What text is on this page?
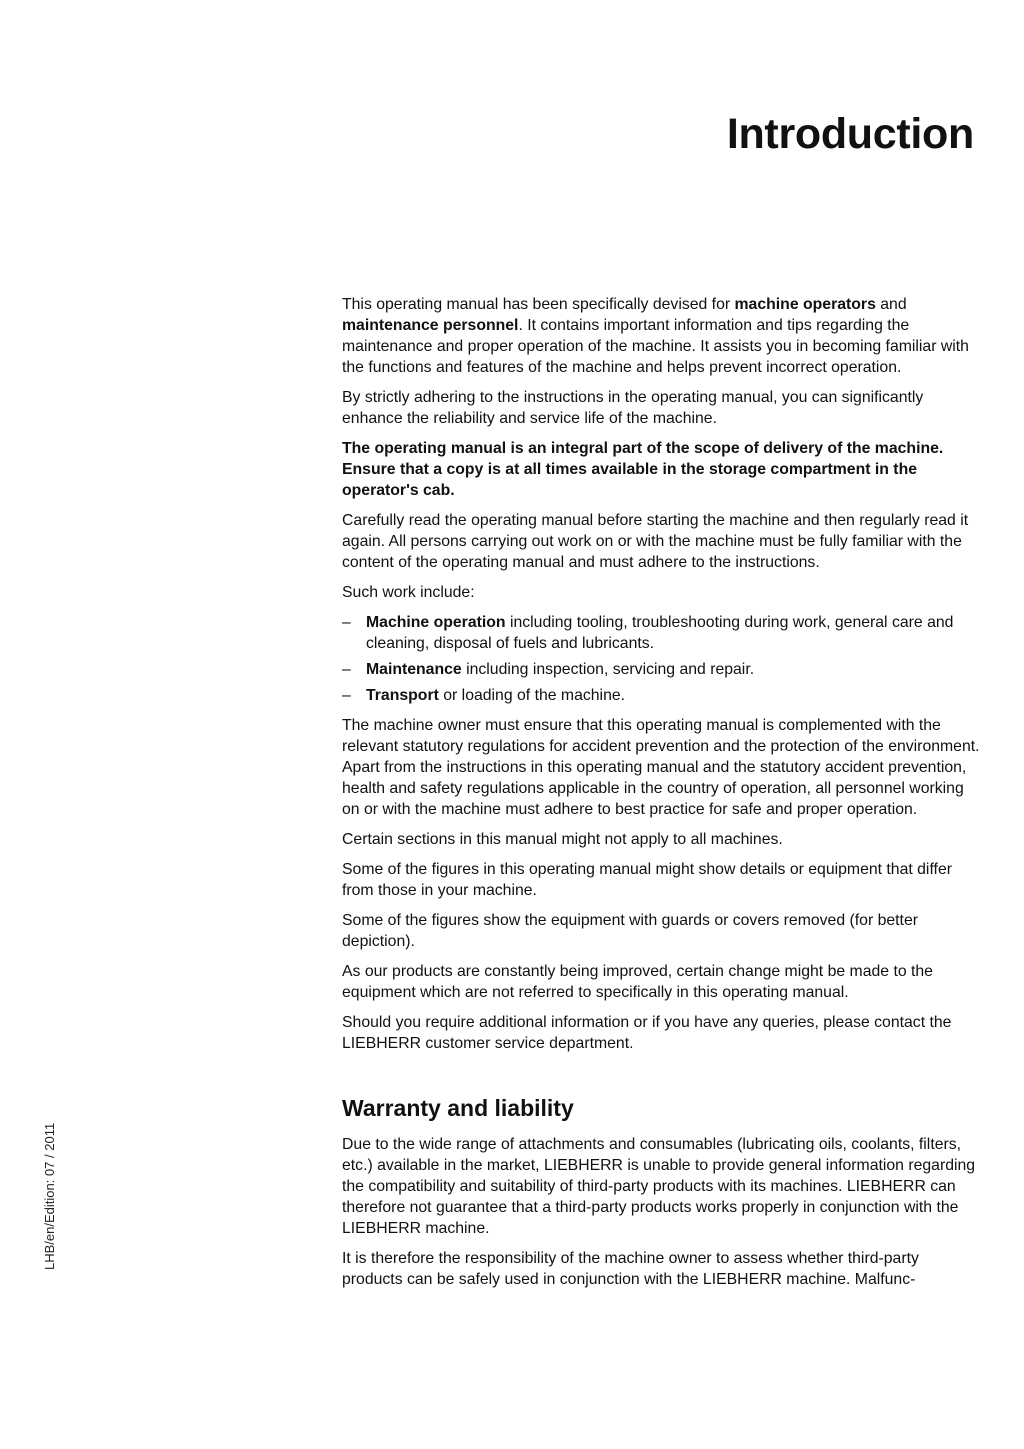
Introduction
LHB/en/Edition: 07 / 2011

This operating manual has been specifically devised for machine operators and maintenance personnel. It contains important information and tips regarding the maintenance and proper operation of the machine. It assists you in becoming familiar with the functions and features of the machine and helps prevent incorrect operation.

By strictly adhering to the instructions in the operating manual, you can significantly enhance the reliability and service life of the machine.

The operating manual is an integral part of the scope of delivery of the machine. Ensure that a copy is at all times available in the storage compartment in the operator's cab.

Carefully read the operating manual before starting the machine and then regularly read it again. All persons carrying out work on or with the machine must be fully familiar with the content of the operating manual and must adhere to the instructions.

Such work include:

– Machine operation including tooling, troubleshooting during work, general care and cleaning, disposal of fuels and lubricants.
– Maintenance including inspection, servicing and repair.
– Transport or loading of the machine.

The machine owner must ensure that this operating manual is complemented with the relevant statutory regulations for accident prevention and the protection of the environment. Apart from the instructions in this operating manual and the statutory accident prevention, health and safety regulations applicable in the country of operation, all personnel working on or with the machine must adhere to best practice for safe and proper operation.

Certain sections in this manual might not apply to all machines.

Some of the figures in this operating manual might show details or equipment that differ from those in your machine.

Some of the figures show the equipment with guards or covers removed (for better depiction).

As our products are constantly being improved, certain change might be made to the equipment which are not referred to specifically in this operating manual.

Should you require additional information or if you have any queries, please contact the LIEBHERR customer service department.

Warranty and liability

Due to the wide range of attachments and consumables (lubricating oils, coolants, filters, etc.) available in the market, LIEBHERR is unable to provide general information regarding the compatibility and suitability of third-party products with its machines. LIEBHERR can therefore not guarantee that a third-party products works properly in conjunction with the LIEBHERR machine.

It is therefore the responsibility of the machine owner to assess whether third-party products can be safely used in conjunction with the LIEBHERR machine. Malfunc-
